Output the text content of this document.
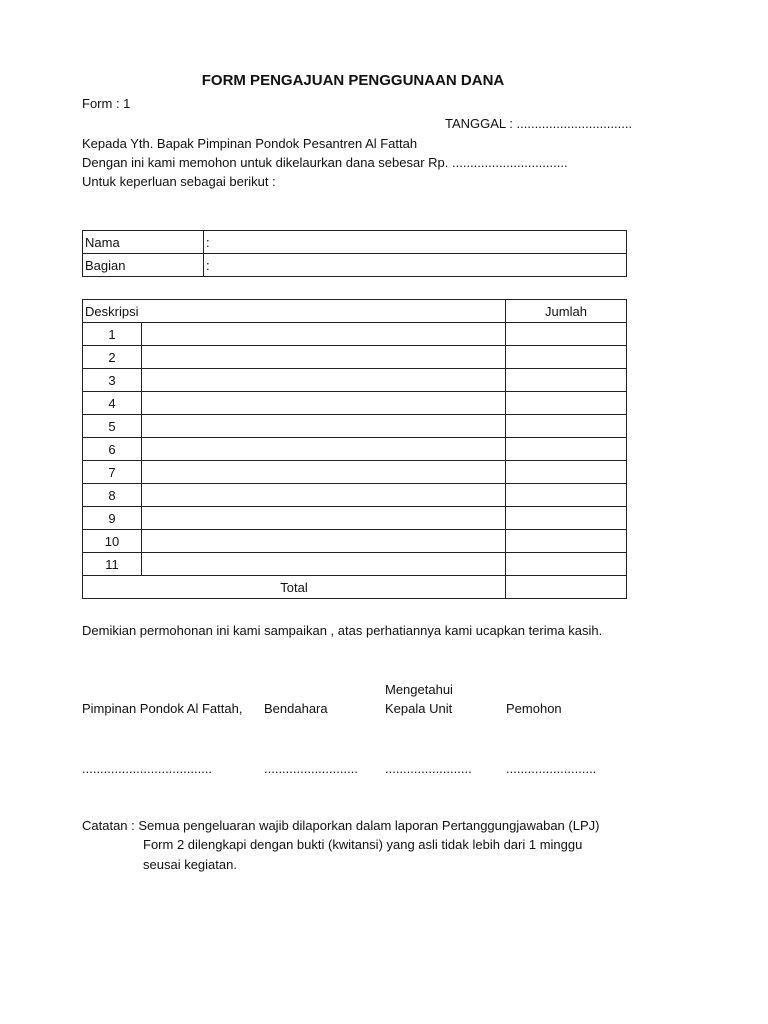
FORM PENGAJUAN PENGGUNAAN DANA
Form : 1
TANGGAL : ................................
Kepada Yth. Bapak Pimpinan Pondok Pesantren Al Fattah
Dengan ini kami memohon untuk dikelaurkan dana sebesar Rp. ................................
Untuk keperluan sebagai berikut :
Nama	:
Bagian	:
Deskripsi		Jumlah
1		
2		
3		
4		
5		
6		
7		
8		
9		
10		
11		
Total		
Demikian permohonan ini kami sampaikan , atas perhatiannya kami ucapkan terima kasih.
Mengetahui
Pimpinan Pondok Al Fattah, Bendahara	Kepala Unit	Pemohon
....................................	.......................... ........................	.........................
Catatan : Semua pengeluaran wajib dilaporkan dalam laporan Pertanggungjawaban (LPJ)
Form 2 dilengkapi dengan bukti (kwitansi) yang asli tidak lebih dari 1 minggu
seusai kegiatan.
